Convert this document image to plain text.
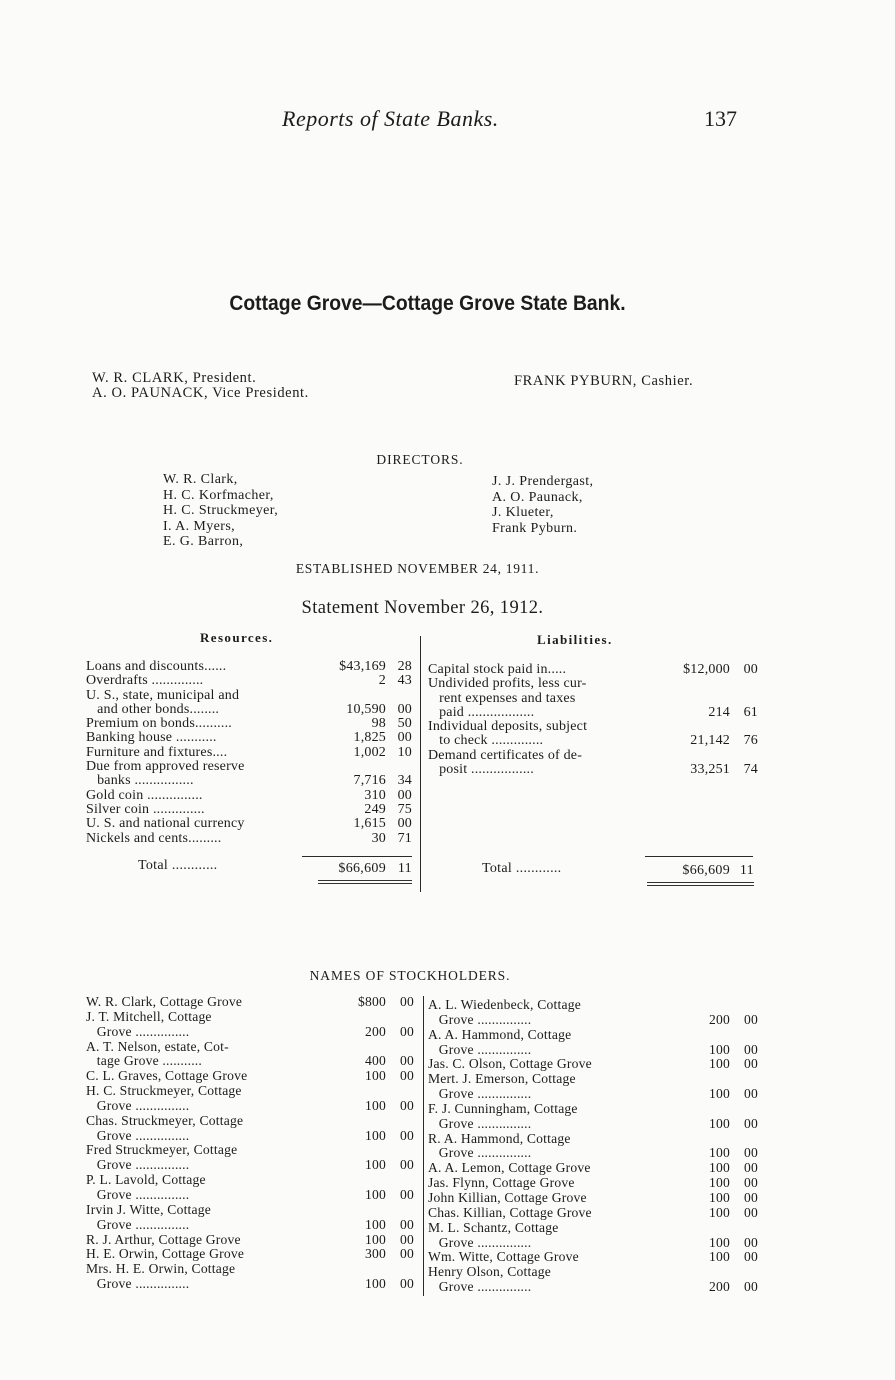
Reports of State Banks.	137
Cottage Grove—Cottage Grove State Bank.
W. R. CLARK, President.
A. O. PAUNACK, Vice President.
FRANK PYBURN, Cashier.
DIRECTORS.
W. R. Clark,
H. C. Korfmacher,
H. C. Struckmeyer,
I. A. Myers,
E. G. Barron,
J. J. Prendergast,
A. O. Paunack,
J. Klueter,
Frank Pyburn.
ESTABLISHED NOVEMBER 24, 1911.
Statement November 26, 1912.
Resources.
Loans and discounts......	$43,169 28
Overdrafts ..............	2 43
U. S., state, municipal and
and other bonds........	10,590 00
Premium on bonds..........	98 50
Banking house ...........	1,825 00
Furniture and fixtures....	1,002 10
Due from approved reserve
banks ................	7,716 34
Gold coin ...............	310 00
Silver coin ..............	249 75
U. S. and national currency	1,615 00
Nickels and cents.........	30 71
Liabilities.
Capital stock paid in.....	$12,000 00
Undivided profits, less cur-
rent expenses and taxes
paid ..................	214 61
Individual deposits, subject
to check ..............	21,142 76
Demand certificates of de-
posit .................	33,251 74
Total ............	$66,609 11	Total ............	$66,609 11
NAMES OF STOCKHOLDERS.
W. R. Clark, Cottage Grove	$800 00
J. T. Mitchell, Cottage
Grove ...............	200 00
A. T. Nelson, estate, Cot-
tage Grove ...........	400 00
C. L. Graves, Cottage Grove	100 00
H. C. Struckmeyer, Cottage
Grove ...............	100 00
Chas. Struckmeyer, Cottage
Grove ...............	100 00
Fred Struckmeyer, Cottage
Grove ...............	100 00
P. L. Lavold, Cottage
Grove ...............	100 00
Irvin J. Witte, Cottage
Grove ...............	100 00
R. J. Arthur, Cottage Grove	100 00
H. E. Orwin, Cottage Grove	300 00
Mrs. H. E. Orwin, Cottage
Grove ...............	100 00
A. L. Wiedenbeck, Cottage
Grove ...............	200 00
A. A. Hammond, Cottage
Grove ...............	100 00
Jas. C. Olson, Cottage Grove	100 00
Mert. J. Emerson, Cottage
Grove ...............	100 00
F. J. Cunningham, Cottage
Grove ...............	100 00
R. A. Hammond, Cottage
Grove ...............	100 00
A. A. Lemon, Cottage Grove	100 00
Jas. Flynn, Cottage Grove	100 00
John Killian, Cottage Grove	100 00
Chas. Killian, Cottage Grove	100 00
M. L. Schantz, Cottage
Grove ...............	100 00
Wm. Witte, Cottage Grove	100 00
Henry Olson, Cottage
Grove ...............	200 00
